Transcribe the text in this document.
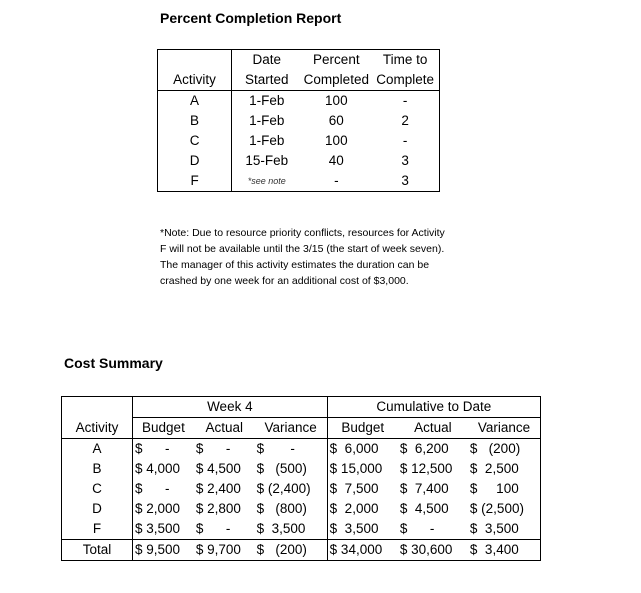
Percent Completion Report
	Date	Percent	Time to
Activity	Started	Completed	Complete
A	1-Feb	100	-
B	1-Feb	60	2
C	1-Feb	100	-
D	15-Feb	40	3
F	*see note	-	3
*Note: Due to resource priority conflicts, resources for Activity F will not be available until the 3/15 (the start of week seven). The manager of this activity estimates the duration can be crashed by one week for an additional cost of $3,000.
Cost Summary
	Week 4			Cumulative to Date		
Activity	Budget	Actual	Variance	Budget	Actual	Variance
A	$      -	$      -	$       -	$  6,000	$  6,200	$   (200)
B	$ 4,000	$ 4,500	$   (500)	$ 15,000	$ 12,500	$  2,500
C	$      -	$ 2,400	$ (2,400)	$  7,500	$  7,400	$     100
D	$ 2,000	$ 2,800	$   (800)	$  2,000	$  4,500	$ (2,500)
F	$ 3,500	$      -	$  3,500	$  3,500	$      -	$  3,500
Total	$ 9,500	$ 9,700	$   (200)	$ 34,000	$ 30,600	$  3,400
